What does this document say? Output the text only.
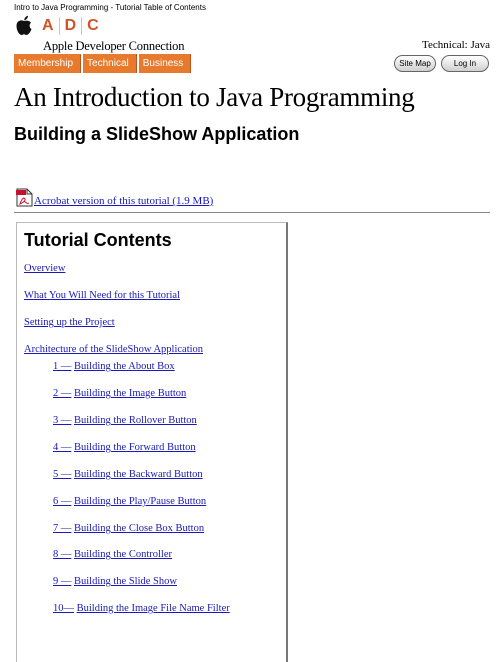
Intro to Java Programming - Tutorial Table of Contents
A D C
Apple Developer Connection	Technical: Java
Membership	Technical	Business	Site Map	Log In
An Introduction to Java Programming
Building a SlideShow Application
Acrobat version of this tutorial (1.9 MB)
Tutorial Contents
Overview
What You Will Need for this Tutorial
Setting up the Project
Architecture of the SlideShow Application
1 — Building the About Box
2 — Building the Image Button
3 — Building the Rollover Button
4 — Building the Forward Button
5 — Building the Backward Button
6 — Building the Play/Pause Button
7 — Building the Close Box Button
8 — Building the Controller
9 — Building the Slide Show
10— Building the Image File Name Filter
